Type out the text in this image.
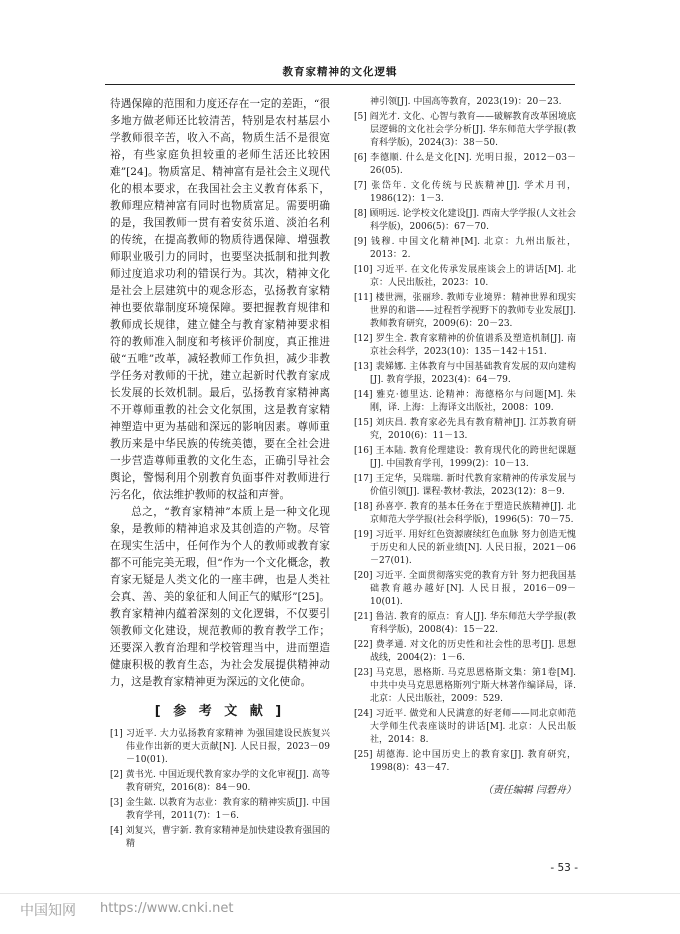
教育家精神的文化逻辑

待遇保障的范围和力度还存在一定的差距，“很多地方做老师还比较清苦，特别是农村基层小学教师很辛苦，收入不高，物质生活不是很宽裕，有些家庭负担较重的老师生活还比较困难”[24]。物质富足、精神富有是社会主义现代化的根本要求，在我国社会主义教育体系下，教师理应精神富有同时也物质富足。需要明确的是，我国教师一贯有着安贫乐道、淡泊名利的传统，在提高教师的物质待遇保障、增强教师职业吸引力的同时，也要坚决抵制和批判教师过度追求功利的错误行为。其次，精神文化是社会上层建筑中的观念形态，弘扬教育家精神也要依靠制度环境保障。要把握教育规律和教师成长规律，建立健全与教育家精神要求相符的教师准入制度和考核评价制度，真正推进破“五唯”改革，减轻教师工作负担，减少非教学任务对教师的干扰，建立起新时代教育家成长发展的长效机制。最后，弘扬教育家精神离不开尊师重教的社会文化氛围，这是教育家精神塑造中更为基础和深远的影响因素。尊师重教历来是中华民族的传统美德，要在全社会进一步营造尊师重教的文化生态，正确引导社会舆论，警惕利用个别教育负面事件对教师进行污名化，依法维护教师的权益和声誉。

总之，“教育家精神”本质上是一种文化现象，是教师的精神追求及其创造的产物。尽管在现实生活中，任何作为个人的教师或教育家都不可能完美无瑕，但“作为一个文化概念，教育家无疑是人类文化的一座丰碑，也是人类社会真、善、美的象征和人间正气的赋形”[25]。教育家精神内蕴着深刻的文化逻辑，不仅要引领教师文化建设，规范教师的教育教学工作；还要深入教育治理和学校管理当中，进而塑造健康积极的教育生态，为社会发展提供精神动力，这是教育家精神更为深远的文化使命。

[ 参 考 文 献 ]
[1] 习近平. 大力弘扬教育家精神 为强国建设民族复兴伟业作出新的更大贡献[N]. 人民日报，2023－09－10(01).
[2] 黄书光. 中国近现代教育家办学的文化审视[J]. 高等教育研究，2016(8)：84－90.
[3] 金生鈜. 以教育为志业：教育家的精神实质[J]. 中国教育学刊，2011(7)：1－6.
[4] 刘复兴，曹宇新. 教育家精神是加快建设教育强国的精
神引领[J]. 中国高等教育，2023(19)：20－23.
[5] 阎光才. 文化、心智与教育——破解教育改革困境底层逻辑的文化社会学分析[J]. 华东师范大学学报(教育科学版)，2024(3)：38－50.
[6] 李德顺. 什么是文化[N]. 光明日报，2012－03－26(05).
[7] 张岱年. 文化传统与民族精神[J]. 学术月刊，1986(12)：1－3.
[8] 顾明远. 论学校文化建设[J]. 西南大学学报(人文社会科学版)，2006(5)：67－70.
[9] 钱穆. 中国文化精神[M]. 北京：九州出版社，2013：2.
[10] 习近平. 在文化传承发展座谈会上的讲话[M]. 北京：人民出版社，2023：10.
[11] 楼世洲，张丽珍. 教师专业境界：精神世界和现实世界的和谐——过程哲学视野下的教师专业发展[J]. 教师教育研究，2009(6)：20－23.
[12] 罗生全. 教育家精神的价值谱系及塑造机制[J]. 南京社会科学，2023(10)：135－142＋151.
[13] 裴娣娜. 主体教育与中国基础教育发展的双向建构[J]. 教育学报，2023(4)：64－79.
[14] 雅克·德里达. 论精神：海德格尔与问题[M]. 朱刚，译. 上海：上海译文出版社，2008：109.
[15] 刘庆昌. 教育家必先具有教育精神[J]. 江苏教育研究，2010(6)：11－13.
[16] 王本陆. 教育伦理建设：教育现代化的跨世纪课题[J]. 中国教育学刊，1999(2)：10－13.
[17] 王定华，吴瑞瑞. 新时代教育家精神的传承发展与价值引领[J]. 课程·教材·教法，2023(12)：8－9.
[18] 孙喜亭. 教育的基本任务在于塑造民族精神[J]. 北京师范大学学报(社会科学版)，1996(5)：70－75.
[19] 习近平. 用好红色资源赓续红色血脉 努力创造无愧于历史和人民的新业绩[N]. 人民日报，2021－06－27(01).
[20] 习近平. 全面贯彻落实党的教育方针 努力把我国基础教育越办越好[N]. 人民日报，2016－09－10(01).
[21] 鲁洁. 教育的原点：育人[J]. 华东师范大学学报(教育科学版)，2008(4)：15－22.
[22] 费孝通. 对文化的历史性和社会性的思考[J]. 思想战线，2004(2)：1－6.
[23] 马克思，恩格斯. 马克思恩格斯文集：第1卷[M]. 中共中央马克思恩格斯列宁斯大林著作编译局，译. 北京：人民出版社，2009：529.
[24] 习近平. 做党和人民满意的好老师——同北京师范大学师生代表座谈时的讲话[M]. 北京：人民出版社，2014：8.
[25] 胡德海. 论中国历史上的教育家[J]. 教育研究，1998(8)：43－47.
（责任编辑 闫碧舟）
- 53 -
中国知网 https://www.cnki.net
